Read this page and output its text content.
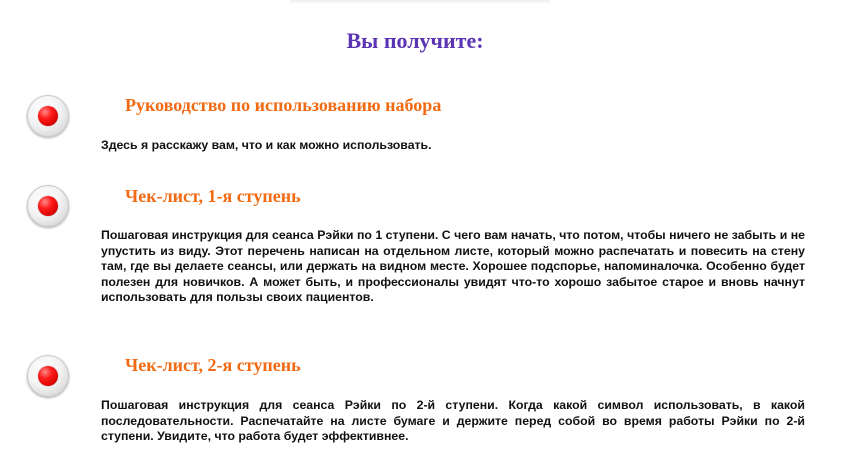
Вы получите:
Руководство по использованию набора

Здесь я расскажу вам, что и как можно использовать.

Чек-лист, 1-я ступень

Пошаговая инструкция для сеанса Рэйки по 1 ступени. С чего вам начать, что потом, чтобы ничего не забыть и не упустить из виду. Этот перечень написан на отдельном листе, который можно распечатать и повесить на стену там, где вы делаете сеансы, или держать на видном месте. Хорошее подспорье, напоминалочка. Особенно будет полезен для новичков. А может быть, и профессионалы увидят что-то хорошо забытое старое и вновь начнут использовать для пользы своих пациентов.

Чек-лист, 2-я ступень

Пошаговая инструкция для сеанса Рэйки по 2-й ступени. Когда какой символ использовать, в какой последовательности. Распечатайте на листе бумаге и держите перед собой во время работы Рэйки по 2-й ступени. Увидите, что работа будет эффективнее.
